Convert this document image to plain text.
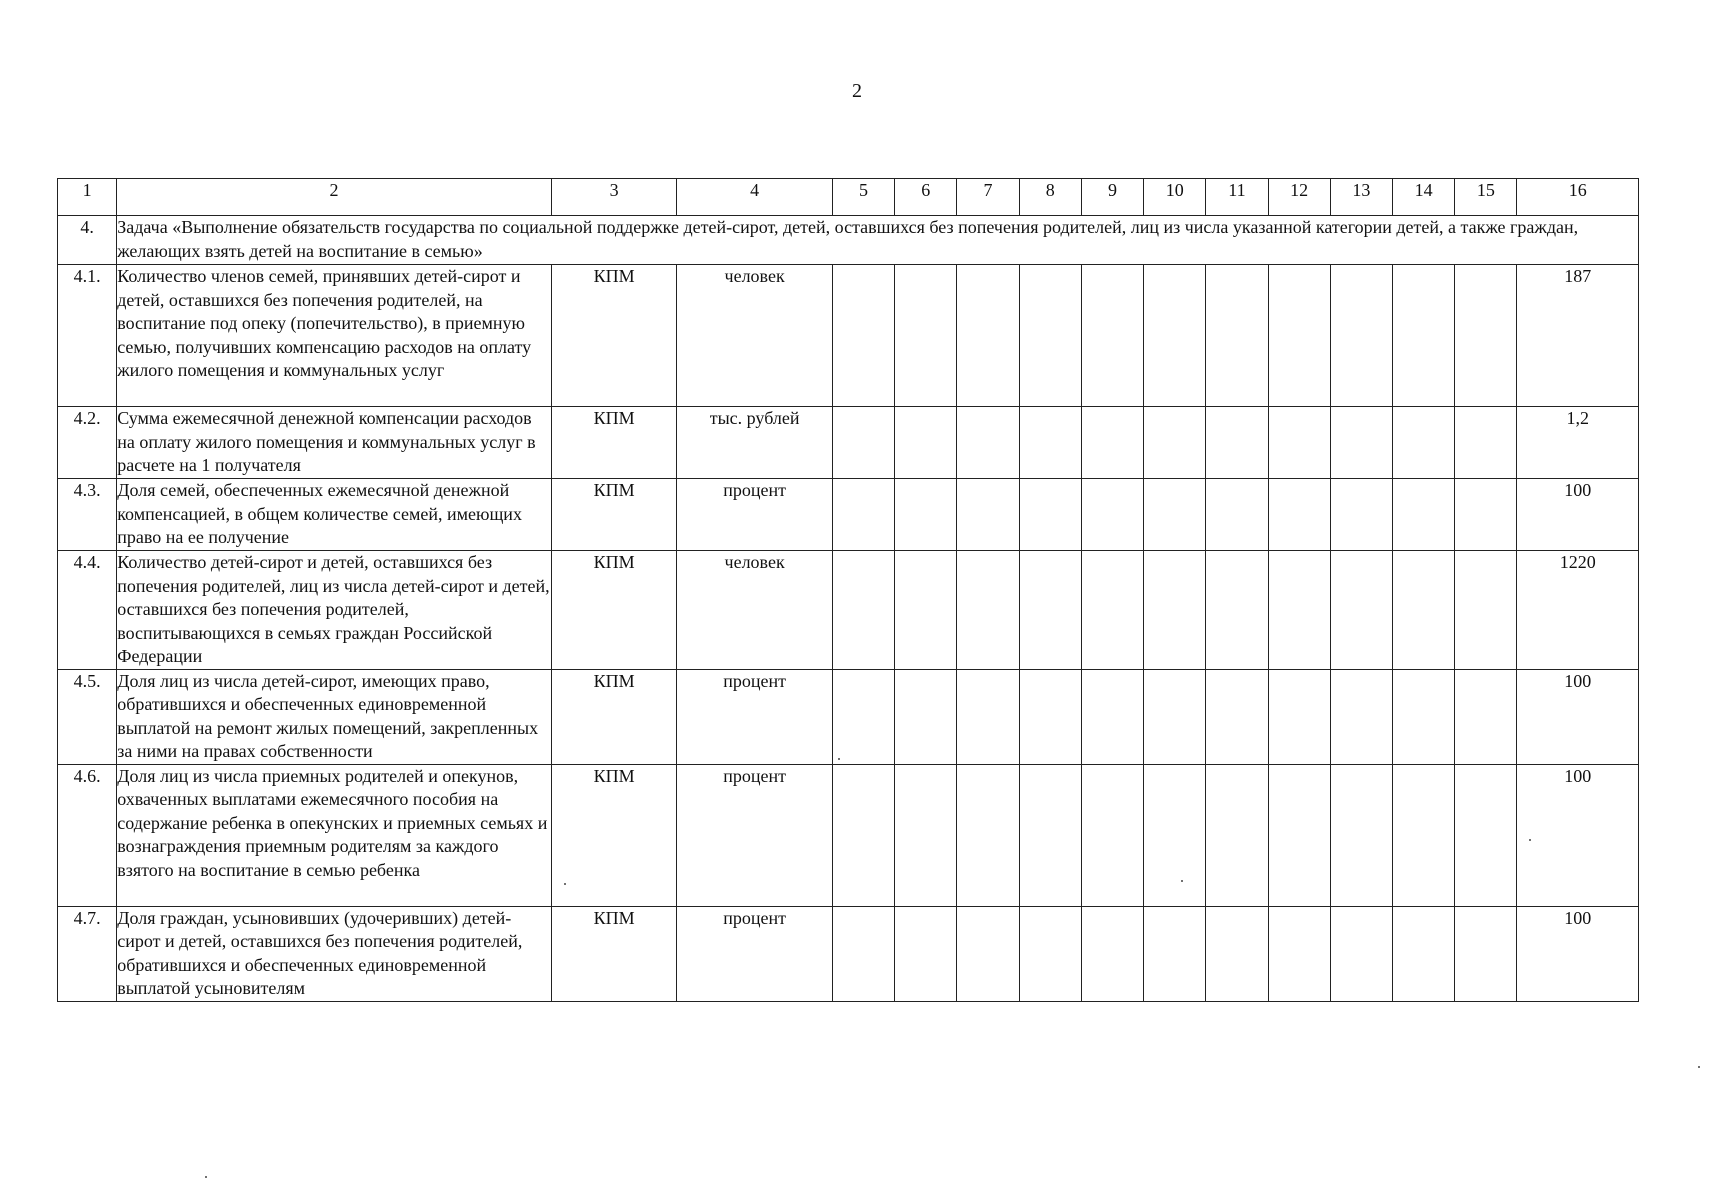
2
1	2	3	4	5	6	7	8	9	10	11	12	13	14	15	16
4.	Задача «Выполнение обязательств государства по социальной поддержке детей-сирот, детей, оставшихся без попечения родителей, лиц из числа указанной категории детей, а также граждан, желающих взять детей на воспитание в семью»														
4.1.	Количество членов семей, принявших детей-сирот и детей, оставшихся без попечения родителей, на воспитание под опеку (попечительство), в приемную семью, получивших компенсацию расходов на оплату жилого помещения и коммунальных услуг	КПМ	человек												187
4.2.	Сумма ежемесячной денежной компенсации расходов на оплату жилого помещения и коммунальных услуг в расчете на 1 получателя	КПМ	тыс. рублей												1,2
4.3.	Доля семей, обеспеченных ежемесячной денежной компенсацией, в общем количестве семей, имеющих право на ее получение	КПМ	процент												100
4.4.	Количество детей-сирот и детей, оставшихся без попечения родителей, лиц из числа детей-сирот и детей, оставшихся без попечения родителей, воспитывающихся в семьях граждан Российской Федерации	КПМ	человек												1220
4.5.	Доля лиц из числа детей-сирот, имеющих право, обратившихся и обеспеченных единовременной выплатой на ремонт жилых помещений, закрепленных за ними на правах собственности	КПМ	процент												100
4.6.	Доля лиц из числа приемных родителей и опекунов, охваченных выплатами ежемесячного пособия на содержание ребенка в опекунских и приемных семьях и вознаграждения приемным родителям за каждого взятого на воспитание в семью ребенка	КПМ	процент												100
4.7.	Доля граждан, усыновивших (удочеривших) детей-сирот и детей, оставшихся без попечения родителей, обратившихся и обеспеченных единовременной выплатой усыновителям	КПМ	процент												100
